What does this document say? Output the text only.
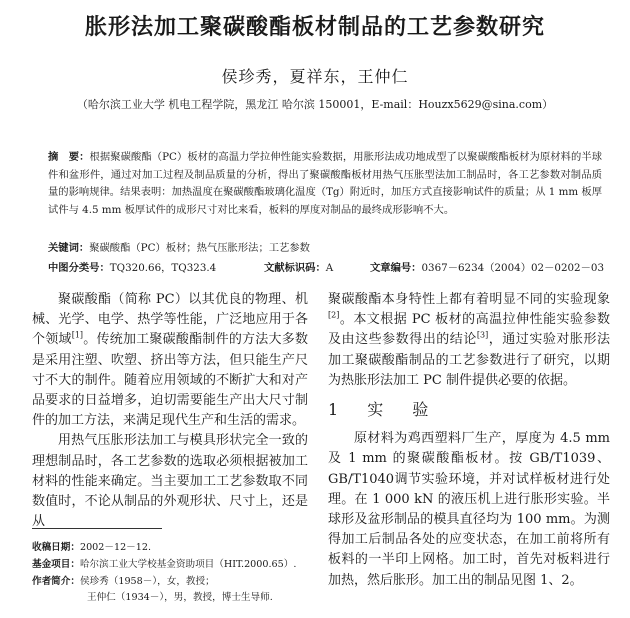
胀形法加工聚碳酸酯板材制品的工艺参数研究
侯珍秀，夏祥东，王仲仁
（哈尔滨工业大学 机电工程学院，黑龙江 哈尔滨 150001，E-mail：Houzx5629@sina.com）
摘　要：根据聚碳酸酯（PC）板材的高温力学拉伸性能实验数据，用胀形法成功地成型了以聚碳酸酯板材为原材料的半球件和盆形件，通过对加工过程及制品质量的分析，得出了聚碳酸酯板材用热气压胀型法加工制品时，各工艺参数对制品质量的影响规律。结果表明：加热温度在聚碳酸酯玻璃化温度（Tg）附近时，加压方式直接影响试件的质量；从 1 mm 板厚试件与 4.5 mm 板厚试件的成形尺寸对比来看，板料的厚度对制品的最终成形影响不大。
关键词：聚碳酸酯（PC）板材；热气压胀形法；工艺参数
中图分类号：TQ320.66，TQ323.4	文献标识码：A	文章编号：0367－6234（2004）02－0202－03

聚碳酸酯（简称 PC）以其优良的物理、机械、光学、电学、热学等性能，广泛地应用于各个领域[1]。传统加工聚碳酸酯制件的方法大多数是采用注塑、吹塑、挤出等方法，但只能生产尺寸不大的制件。随着应用领域的不断扩大和对产品要求的日益增多，迫切需要能生产出大尺寸制件的加工方法，来满足现代生产和生活的需求。

用热气压胀形法加工与模具形状完全一致的理想制品时，各工艺参数的选取必须根据被加工材料的性能来确定。当主要加工工艺参数取不同数值时，不论从制品的外观形状、尺寸上，还是从

聚碳酸酯本身特性上都有着明显不同的实验现象[2]。本文根据 PC 板材的高温拉伸性能实验参数及由这些参数得出的结论[3]，通过实验对胀形法加工聚碳酸酯制品的工艺参数进行了研究，以期为热胀形法加工 PC 制件提供必要的依据。

1 实 验

原材料为鸡西塑料厂生产，厚度为 4.5 mm 及 1 mm 的聚碳酸酯板材。按 GB/T1039、GB/T1040调节实验环境，并对试样板材进行处理。在 1 000 kN 的液压机上进行胀形实验。半球形及盆形制品的模具直径均为 100 mm。为测得加工后制品各处的应变状态，在加工前将所有板料的一半印上网格。加工时，首先对板料进行加热，然后胀形。加工出的制品见图 1、2。

收稿日期：2002－12－12.
基金项目：哈尔滨工业大学校基金资助项目（HIT.2000.65）.
作者简介：侯珍秀（1958－），女，教授；
王仲仁（1934－），男，教授，博士生导师.
